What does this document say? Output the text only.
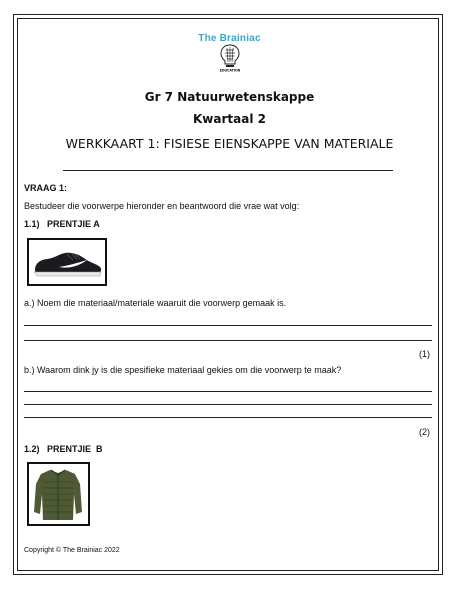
The Brainiac
EDUCATION
Gr 7 Natuurwetenskappe
Kwartaal 2
WERKKAART 1: FISIESE EIENSKAPPE VAN MATERIALE
VRAAG 1:
Bestudeer die voorwerpe hieronder en beantwoord die vrae wat volg:
1.1)   PRENTJIE A
a.) Noem die materiaal/materiale waaruit die voorwerp gemaak is.
(1)
b.) Waarom dink jy is die spesifieke materiaal gekies om die voorwerp te maak?
(2)
1.2)   PRENTJIE  B
Copyright © The Brainiac 2022
